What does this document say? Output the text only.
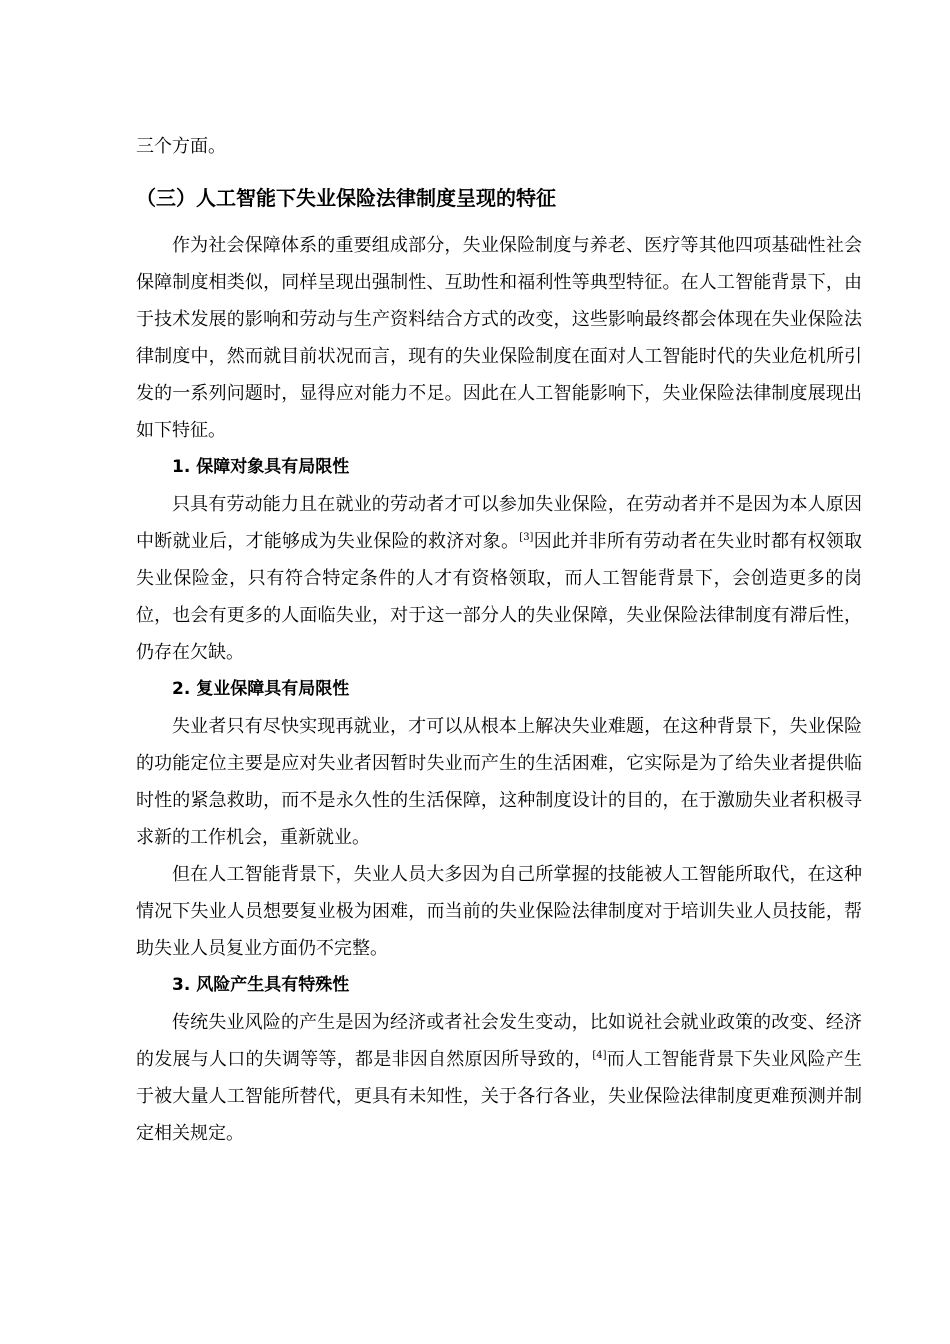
三个方面。

（三）人工智能下失业保险法律制度呈现的特征

作为社会保障体系的重要组成部分，失业保险制度与养老、医疗等其他四项基础性社会保障制度相类似，同样呈现出强制性、互助性和福利性等典型特征。在人工智能背景下，由于技术发展的影响和劳动与生产资料结合方式的改变，这些影响最终都会体现在失业保险法律制度中，然而就目前状况而言，现有的失业保险制度在面对人工智能时代的失业危机所引发的一系列问题时，显得应对能力不足。因此在人工智能影响下，失业保险法律制度展现出如下特征。

1. 保障对象具有局限性

只具有劳动能力且在就业的劳动者才可以参加失业保险，在劳动者并不是因为本人原因中断就业后，才能够成为失业保险的救济对象。[3]因此并非所有劳动者在失业时都有权领取失业保险金，只有符合特定条件的人才有资格领取，而人工智能背景下，会创造更多的岗位，也会有更多的人面临失业，对于这一部分人的失业保障，失业保险法律制度有滞后性，仍存在欠缺。

2. 复业保障具有局限性

失业者只有尽快实现再就业，才可以从根本上解决失业难题，在这种背景下，失业保险的功能定位主要是应对失业者因暂时失业而产生的生活困难，它实际是为了给失业者提供临时性的紧急救助，而不是永久性的生活保障，这种制度设计的目的，在于激励失业者积极寻求新的工作机会，重新就业。

但在人工智能背景下，失业人员大多因为自己所掌握的技能被人工智能所取代，在这种情况下失业人员想要复业极为困难，而当前的失业保险法律制度对于培训失业人员技能，帮助失业人员复业方面仍不完整。

3. 风险产生具有特殊性

传统失业风险的产生是因为经济或者社会发生变动，比如说社会就业政策的改变、经济的发展与人口的失调等等，都是非因自然原因所导致的，[4]而人工智能背景下失业风险产生于被大量人工智能所替代，更具有未知性，关于各行各业，失业保险法律制度更难预测并制定相关规定。
